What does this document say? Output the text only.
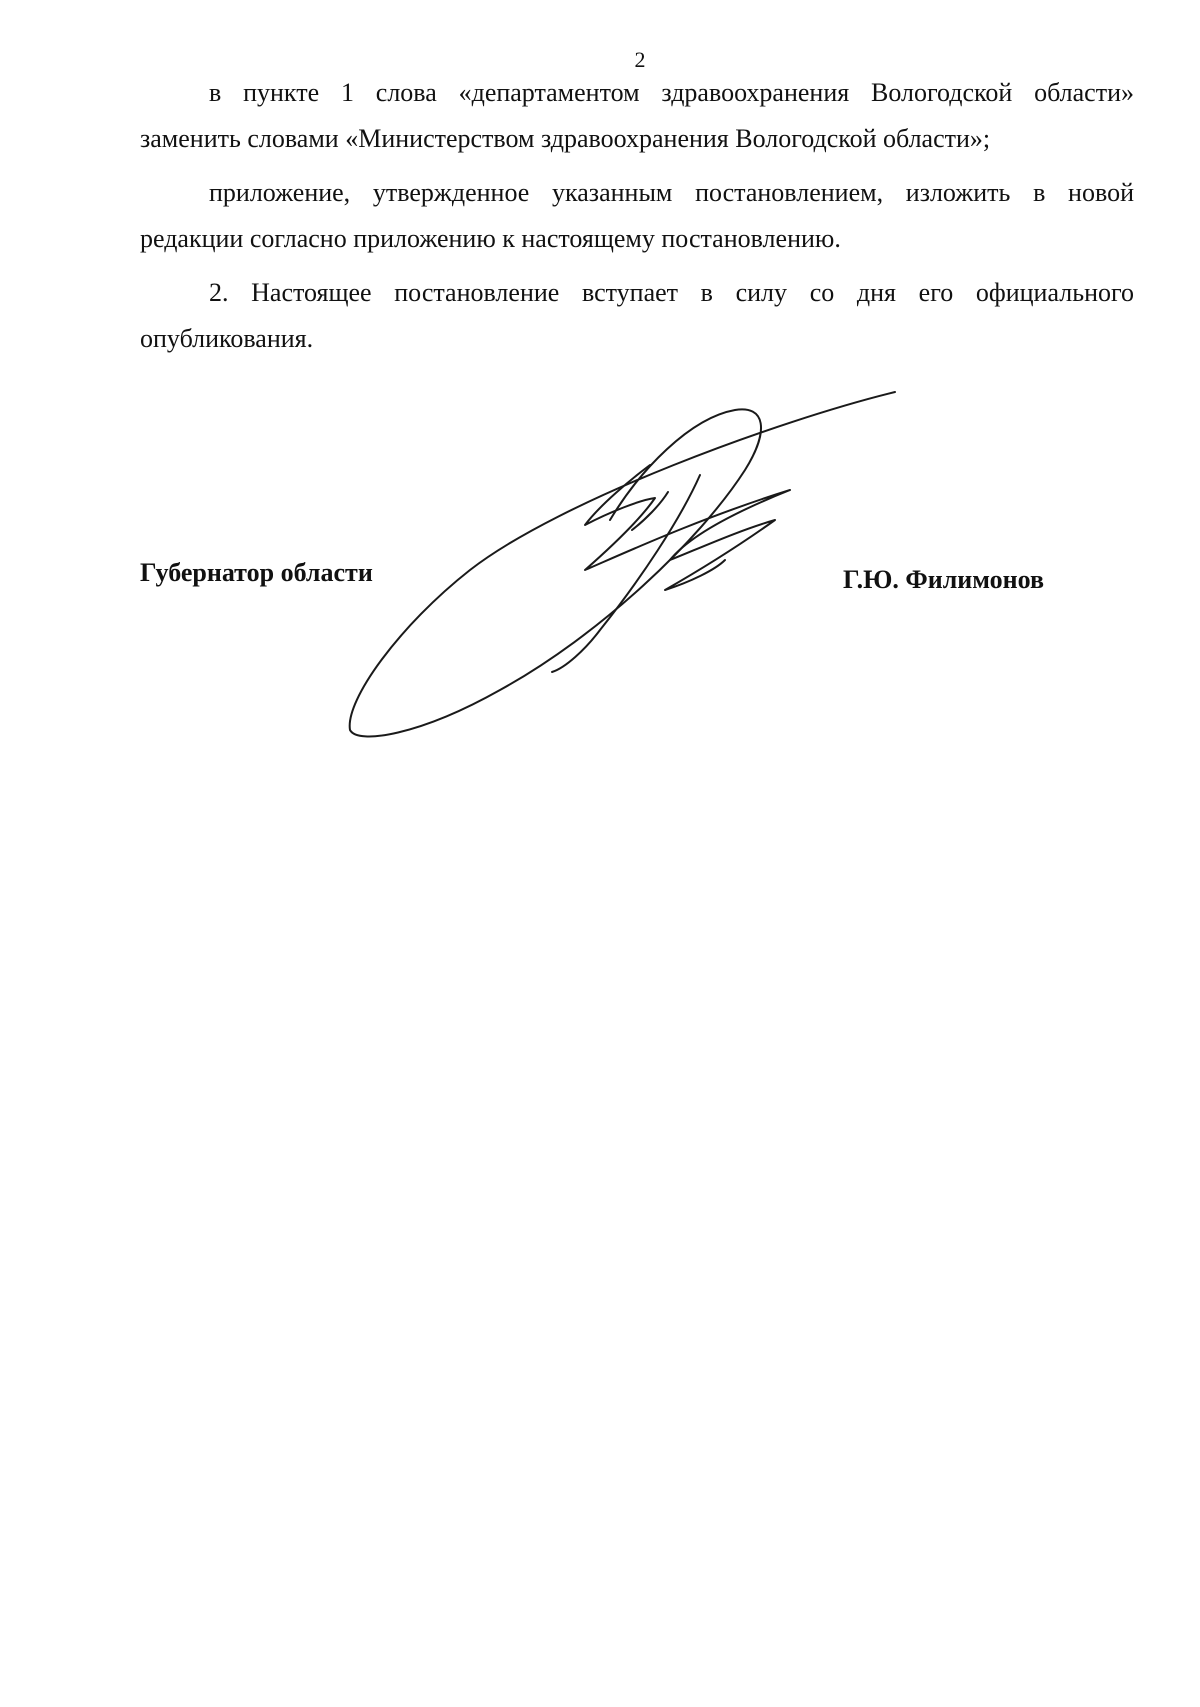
2

в пункте 1 слова «департаментом здравоохранения Вологодской области» заменить словами «Министерством здравоохранения Вологодской области»;

приложение, утвержденное указанным постановлением, изложить в новой редакции согласно приложению к настоящему постановлению.

2. Настоящее постановление вступает в силу со дня его официального опубликования.

Губернатор области	Г.Ю. Филимонов
